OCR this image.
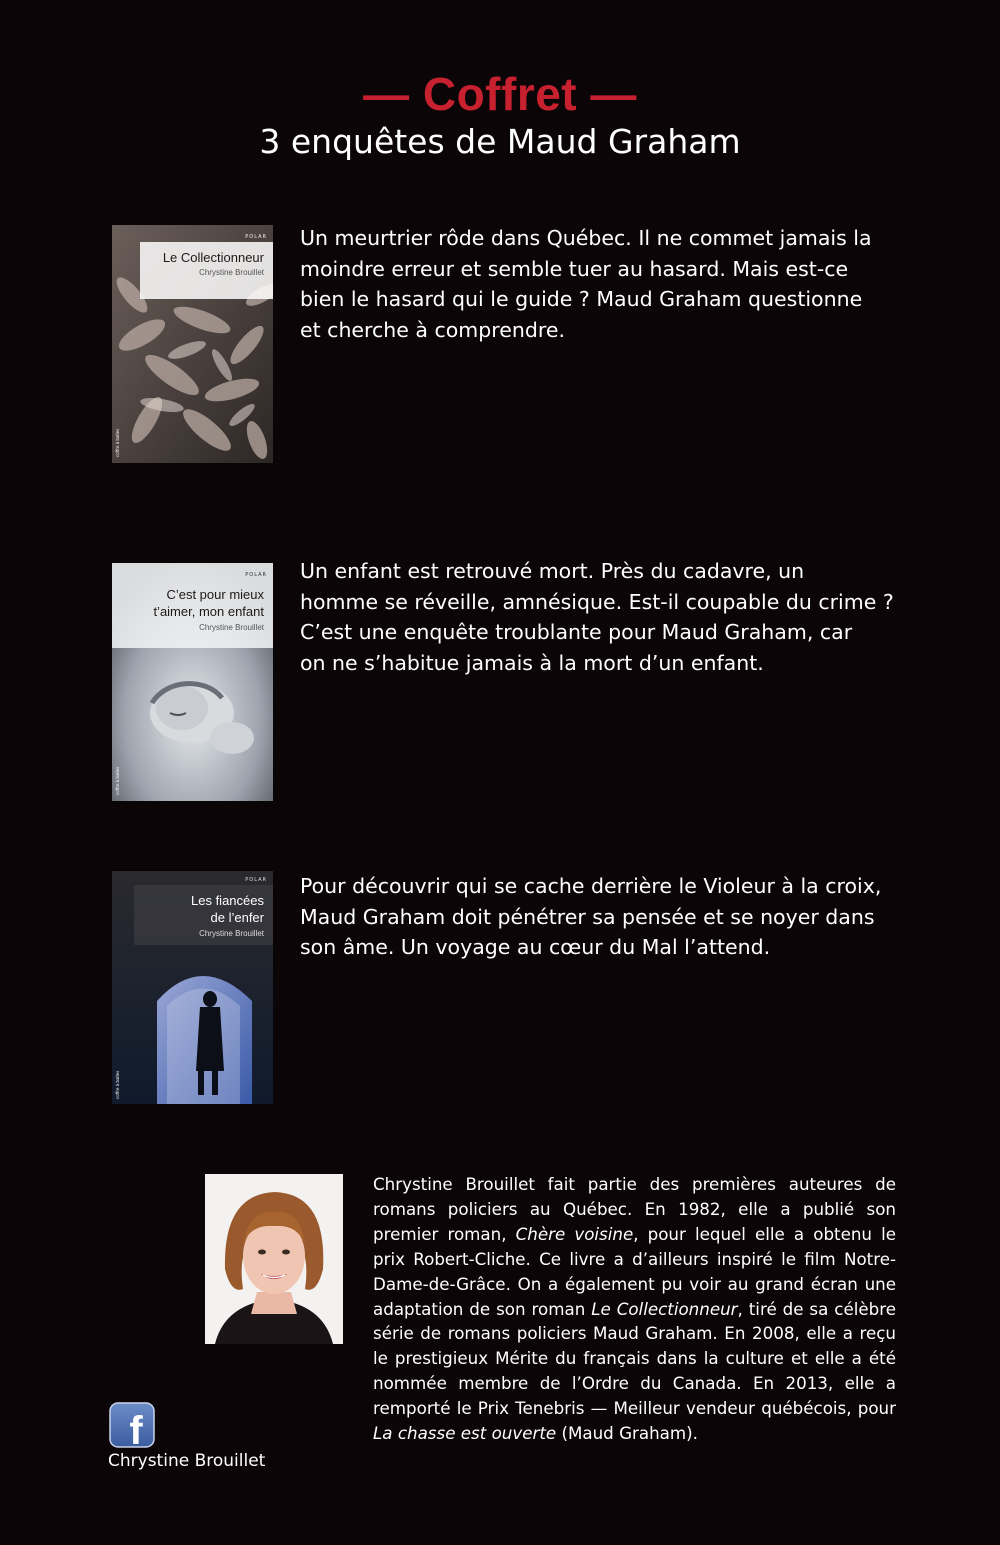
— Coffret —
3 enquêtes de Maud Graham
POLAR
Le Collectionneur
Chrystine Brouillet
coffre à balles
Un meurtrier rôde dans Québec. Il ne commet jamais la
moindre erreur et semble tuer au hasard. Mais est-ce
bien le hasard qui le guide ? Maud Graham questionne
et cherche à comprendre.
POLAR
C’est pour mieux
t’aimer, mon enfant
Chrystine Brouillet
coffre à balles
Un enfant est retrouvé mort. Près du cadavre, un
homme se réveille, amnésique. Est-il coupable du crime ?
C’est une enquête troublante pour Maud Graham, car
on ne s’habitue jamais à la mort d’un enfant.
POLAR
Les fiancées
de l’enfer
Chrystine Brouillet
coffre à balles
Pour découvrir qui se cache derrière le Violeur à la croix,
Maud Graham doit pénétrer sa pensée et se noyer dans
son âme. Un voyage au cœur du Mal l’attend.
Chrystine Brouillet fait partie des premières auteures de romans policiers au Québec. En 1982, elle a publié son premier roman, Chère voisine, pour lequel elle a obtenu le prix Robert-Cliche. Ce livre a d’ailleurs inspiré le film Notre-Dame-de-Grâce. On a également pu voir au grand écran une adaptation de son roman Le Collectionneur, tiré de sa célèbre série de romans policiers Maud Graham. En 2008, elle a reçu le prestigieux Mérite du français dans la culture et elle a été nommée membre de l’Ordre du Canada. En 2013, elle a remporté le Prix Tenebris — Meilleur vendeur québécois, pour La chasse est ouverte (Maud Graham).
f
Chrystine Brouillet
